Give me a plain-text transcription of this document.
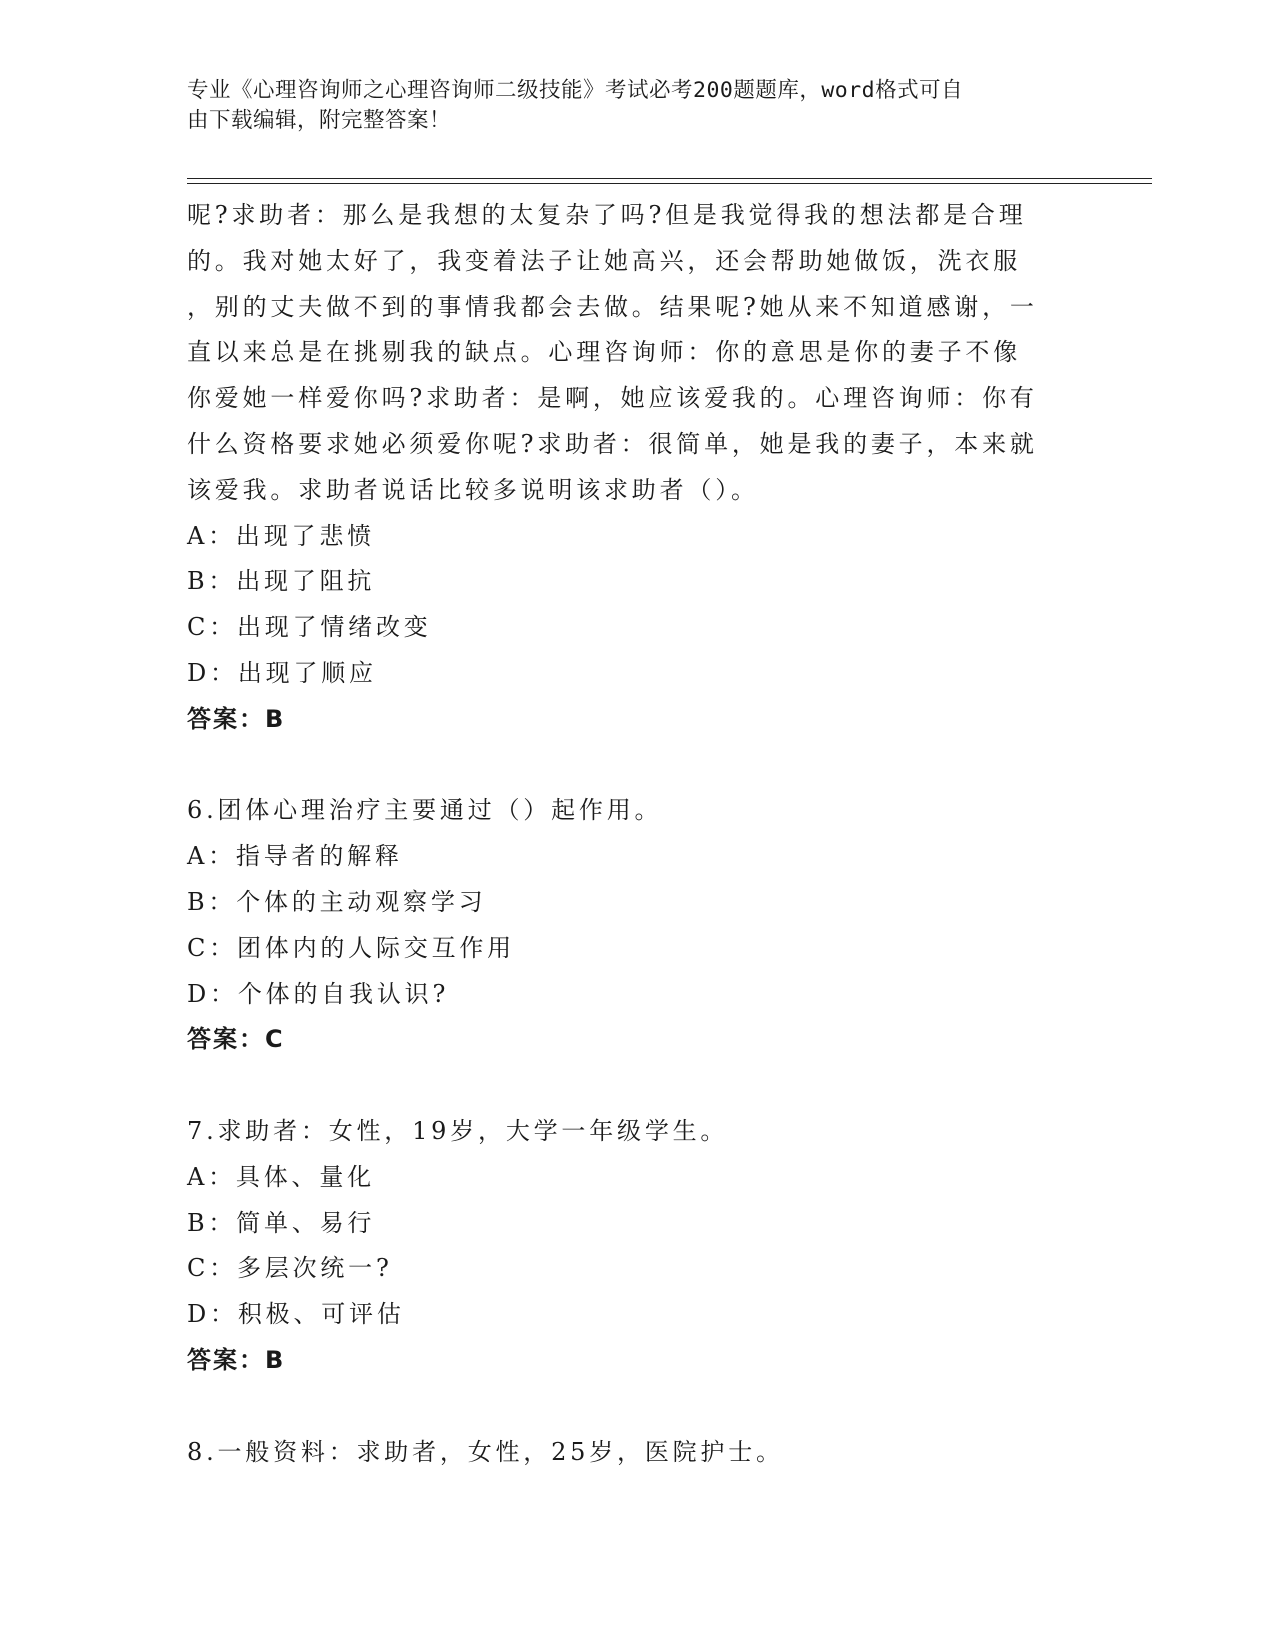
专业《心理咨询师之心理咨询师二级技能》考试必考200题题库，word格式可自
由下载编辑，附完整答案！
呢?求助者：那么是我想的太复杂了吗?但是我觉得我的想法都是合理
的。我对她太好了，我变着法子让她高兴，还会帮助她做饭，洗衣服
，别的丈夫做不到的事情我都会去做。结果呢?她从来不知道感谢，一
直以来总是在挑剔我的缺点。心理咨询师：你的意思是你的妻子不像
你爱她一样爱你吗?求助者：是啊，她应该爱我的。心理咨询师：你有
什么资格要求她必须爱你呢?求助者：很简单，她是我的妻子，本来就
该爱我。求助者说话比较多说明该求助者（）。
A：出现了悲愤
B：出现了阻抗
C：出现了情绪改变
D：出现了顺应
答案：B
6.团体心理治疗主要通过（）起作用。
A：指导者的解释
B：个体的主动观察学习
C：团体内的人际交互作用
D：个体的自我认识?
答案：C
7.求助者：女性，19岁，大学一年级学生。
A：具体、量化
B：简单、易行
C：多层次统一?
D：积极、可评估
答案：B
8.一般资料：求助者，女性，25岁，医院护士。
